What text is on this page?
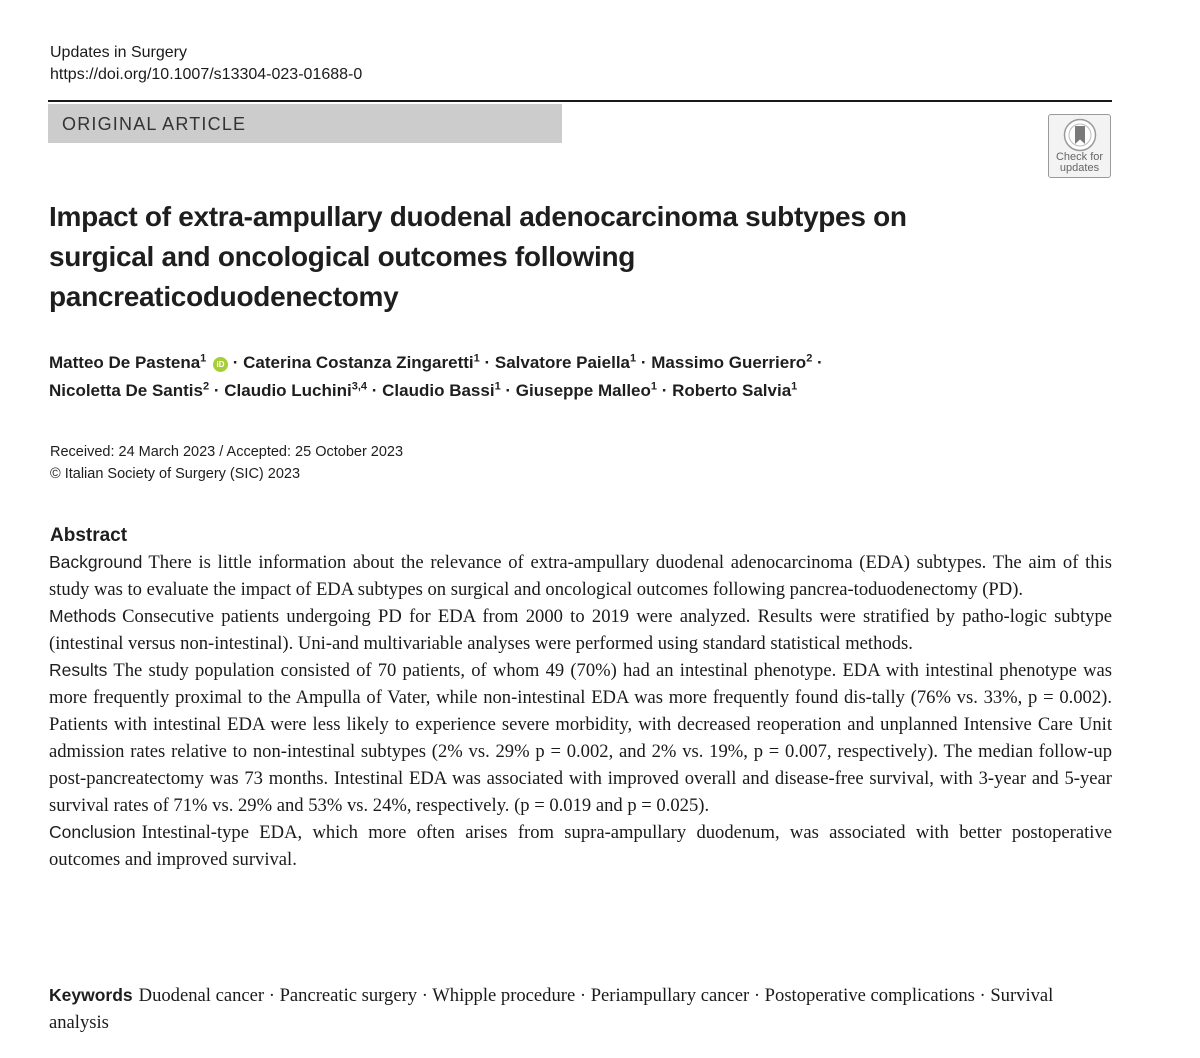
Updates in Surgery
https://doi.org/10.1007/s13304-023-01688-0
ORIGINAL ARTICLE
Check for
updates
Impact of extra-ampullary duodenal adenocarcinoma subtypes on surgical and oncological outcomes following pancreaticoduodenectomy
Matteo De Pastena$^1$ iD · Caterina Costanza Zingaretti$^1$ · Salvatore Paiella$^1$ · Massimo Guerriero$^2$ ·
Nicoletta De Santis$^2$ · Claudio Luchini$^{3,4}$ · Claudio Bassi$^1$ · Giuseppe Malleo$^1$ · Roberto Salvia$^1$
Received: 24 March 2023 / Accepted: 25 October 2023
© Italian Society of Surgery (SIC) 2023
Abstract

Background There is little information about the relevance of extra-ampullary duodenal adenocarcinoma (EDA) subtypes. The aim of this study was to evaluate the impact of EDA subtypes on surgical and oncological outcomes following pancrea-toduodenectomy (PD).

Methods Consecutive patients undergoing PD for EDA from 2000 to 2019 were analyzed. Results were stratified by patho-logic subtype (intestinal versus non-intestinal). Uni-and multivariable analyses were performed using standard statistical methods.

Results The study population consisted of 70 patients, of whom 49 (70%) had an intestinal phenotype. EDA with intestinal phenotype was more frequently proximal to the Ampulla of Vater, while non-intestinal EDA was more frequently found dis-tally (76% vs. 33%, p = 0.002). Patients with intestinal EDA were less likely to experience severe morbidity, with decreased reoperation and unplanned Intensive Care Unit admission rates relative to non-intestinal subtypes (2% vs. 29% p = 0.002, and 2% vs. 19%, p = 0.007, respectively). The median follow-up post-pancreatectomy was 73 months. Intestinal EDA was associated with improved overall and disease-free survival, with 3-year and 5-year survival rates of 71% vs. 29% and 53% vs. 24%, respectively. (p = 0.019 and p = 0.025).

Conclusion Intestinal-type EDA, which more often arises from supra-ampullary duodenum, was associated with better postoperative outcomes and improved survival.

Keywords Duodenal cancer · Pancreatic surgery · Whipple procedure · Periampullary cancer · Postoperative complications · Survival analysis
